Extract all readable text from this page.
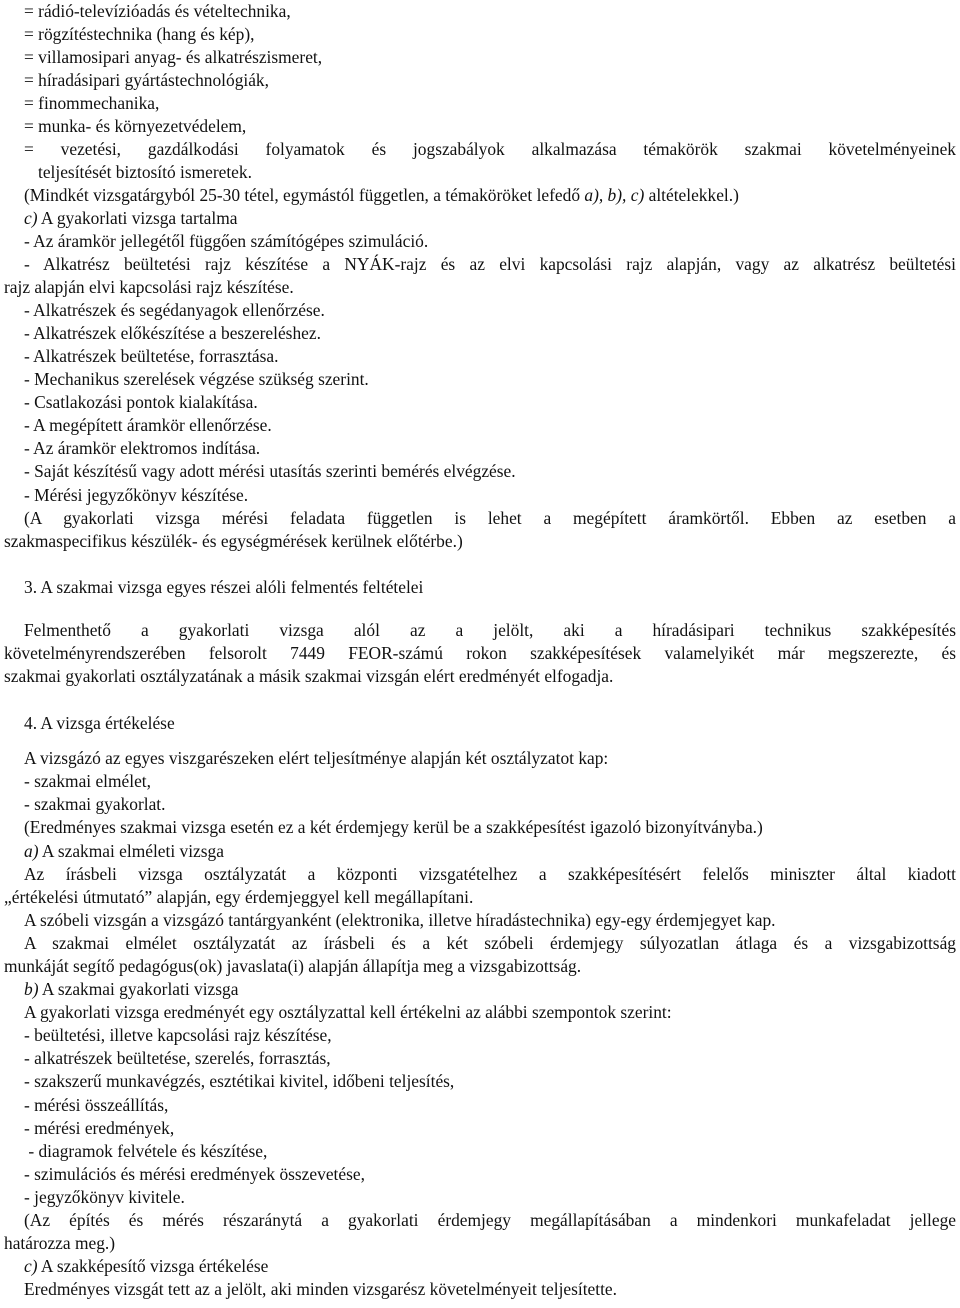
= rádió-televízióadás és vételtechnika,
= rögzítéstechnika (hang és kép),
= villamosipari anyag- és alkatrészismeret,
= híradásipari gyártástechnológiák,
= finommechanika,
= munka- és környezetvédelem,
= vezetési, gazdálkodási folyamatok és jogszabályok alkalmazása témakörök szakmai követelményeinek
teljesítését biztosító ismeretek.
(Mindkét vizsgatárgyból 25-30 tétel, egymástól független, a témaköröket lefedő a), b), c) altételekkel.)
c) A gyakorlati vizsga tartalma
- Az áramkör jellegétől függően számítógépes szimuláció.
- Alkatrész beültetési rajz készítése a NYÁK-rajz és az elvi kapcsolási rajz alapján, vagy az alkatrész beültetési
rajz alapján elvi kapcsolási rajz készítése.
- Alkatrészek és segédanyagok ellenőrzése.
- Alkatrészek előkészítése a beszereléshez.
- Alkatrészek beültetése, forrasztása.
- Mechanikus szerelések végzése szükség szerint.
- Csatlakozási pontok kialakítása.
- A megépített áramkör ellenőrzése.
- Az áramkör elektromos indítása.
- Saját készítésű vagy adott mérési utasítás szerinti bemérés elvégzése.
- Mérési jegyzőkönyv készítése.
(A gyakorlati vizsga mérési feladata független is lehet a megépített áramkörtől. Ebben az esetben a
szakmaspecifikus készülék- és egységmérések kerülnek előtérbe.)
3. A szakmai vizsga egyes részei alóli felmentés feltételei
Felmenthető a gyakorlati vizsga alól az a jelölt, aki a híradásipari technikus szakképesítés
követelményrendszerében felsorolt 7449 FEOR-számú rokon szakképesítések valamelyikét már megszerezte, és
szakmai gyakorlati osztályzatának a másik szakmai vizsgán elért eredményét elfogadja.
4. A vizsga értékelése
A vizsgázó az egyes viszgarészeken elért teljesítménye alapján két osztályzatot kap:
- szakmai elmélet,
- szakmai gyakorlat.
(Eredményes szakmai vizsga esetén ez a két érdemjegy kerül be a szakképesítést igazoló bizonyítványba.)
a) A szakmai elméleti vizsga
Az írásbeli vizsga osztályzatát a központi vizsgatételhez a szakképesítésért felelős miniszter által kiadott
„értékelési útmutató” alapján, egy érdemjeggyel kell megállapítani.
A szóbeli vizsgán a vizsgázó tantárgyanként (elektronika, illetve híradástechnika) egy-egy érdemjegyet kap.
A szakmai elmélet osztályzatát az írásbeli és a két szóbeli érdemjegy súlyozatlan átlaga és a vizsgabizottság
munkáját segítő pedagógus(ok) javaslata(i) alapján állapítja meg a vizsgabizottság.
b) A szakmai gyakorlati vizsga
A gyakorlati vizsga eredményét egy osztályzattal kell értékelni az alábbi szempontok szerint:
- beültetési, illetve kapcsolási rajz készítése,
- alkatrészek beültetése, szerelés, forrasztás,
- szakszerű munkavégzés, esztétikai kivitel, időbeni teljesítés,
- mérési összeállítás,
- mérési eredmények,
- diagramok felvétele és készítése,
- szimulációs és mérési eredmények összevetése,
- jegyzőkönyv kivitele.
(Az építés és mérés részaránytá a gyakorlati érdemjegy megállapításában a mindenkori munkafeladat jellege
határozza meg.)
c) A szakképesítő vizsga értékelése
Eredményes vizsgát tett az a jelölt, aki minden vizsgarész követelményeit teljesítette.
